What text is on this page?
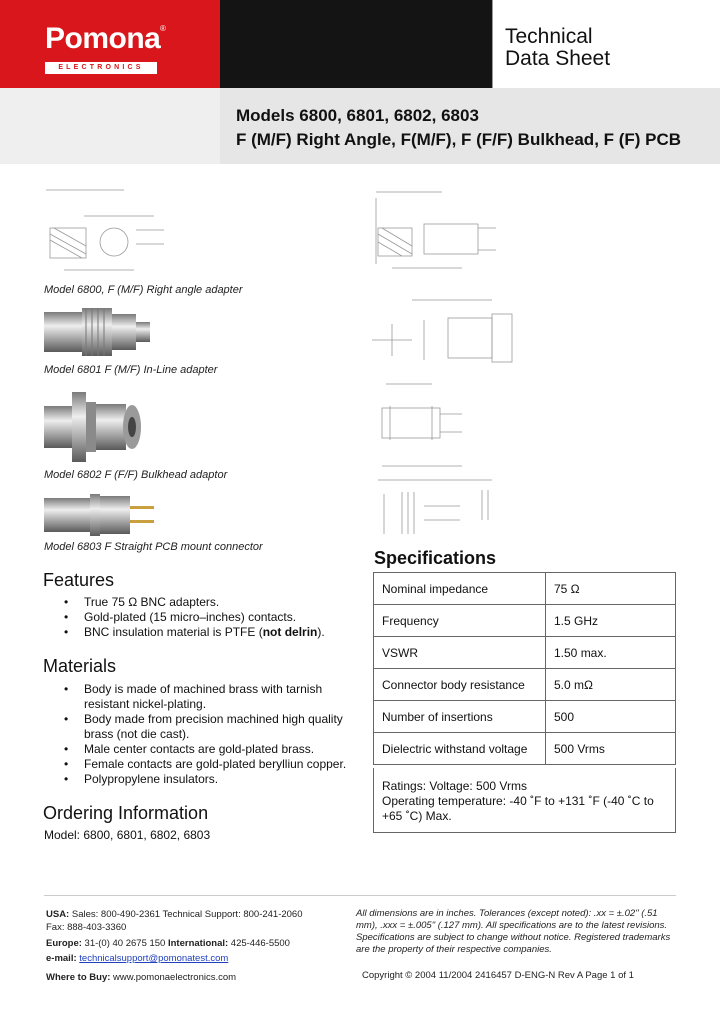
Pomona ®
ELECTRONICS
Technical
Data Sheet
Models 6800, 6801, 6802, 6803
F (M/F) Right Angle, F(M/F), F (F/F) Bulkhead, F (F) PCB
Model 6800, F (M/F) Right angle adapter
Model 6801 F (M/F) In-Line adapter
Model 6802 F (F/F) Bulkhead adaptor
Model 6803 F Straight PCB mount connector
Features
• True 75 Ω BNC adapters.
• Gold-plated (15 micro–inches) contacts.
• BNC insulation material is PTFE (not delrin).
Materials
• Body is made of machined brass with tarnish resistant nickel-plating.
• Body made from precision machined high quality brass (not die cast).
• Male center contacts are gold-plated brass.
• Female contacts are gold-plated berylliun copper.
• Polypropylene insulators.
Ordering Information
Model: 6800, 6801, 6802, 6803
Specifications
Nominal impedance	75 Ω
Frequency	1.5 GHz
VSWR	1.50 max.
Connector body resistance	5.0 mΩ
Number of insertions	500
Dielectric withstand voltage	500 Vrms
Ratings: Voltage: 500 Vrms
Operating temperature: -40 ˚F to +131 ˚F (-40 ˚C to +65 ˚C) Max.
USA: Sales: 800-490-2361 Technical Support: 800-241-2060 Fax: 888-403-3360
Europe: 31-(0) 40 2675 150 International: 425-446-5500
e-mail: technicalsupport@pomonatest.com
Where to Buy: www.pomonaelectronics.com
All dimensions are in inches. Tolerances (except noted): .xx = ±.02" (.51 mm), .xxx = ±.005" (.127 mm). All specifications are to the latest revisions. Specifications are subject to change without notice. Registered trademarks are the property of their respective companies.
Copyright © 2004 11/2004 2416457 D-ENG-N Rev A Page 1 of 1
